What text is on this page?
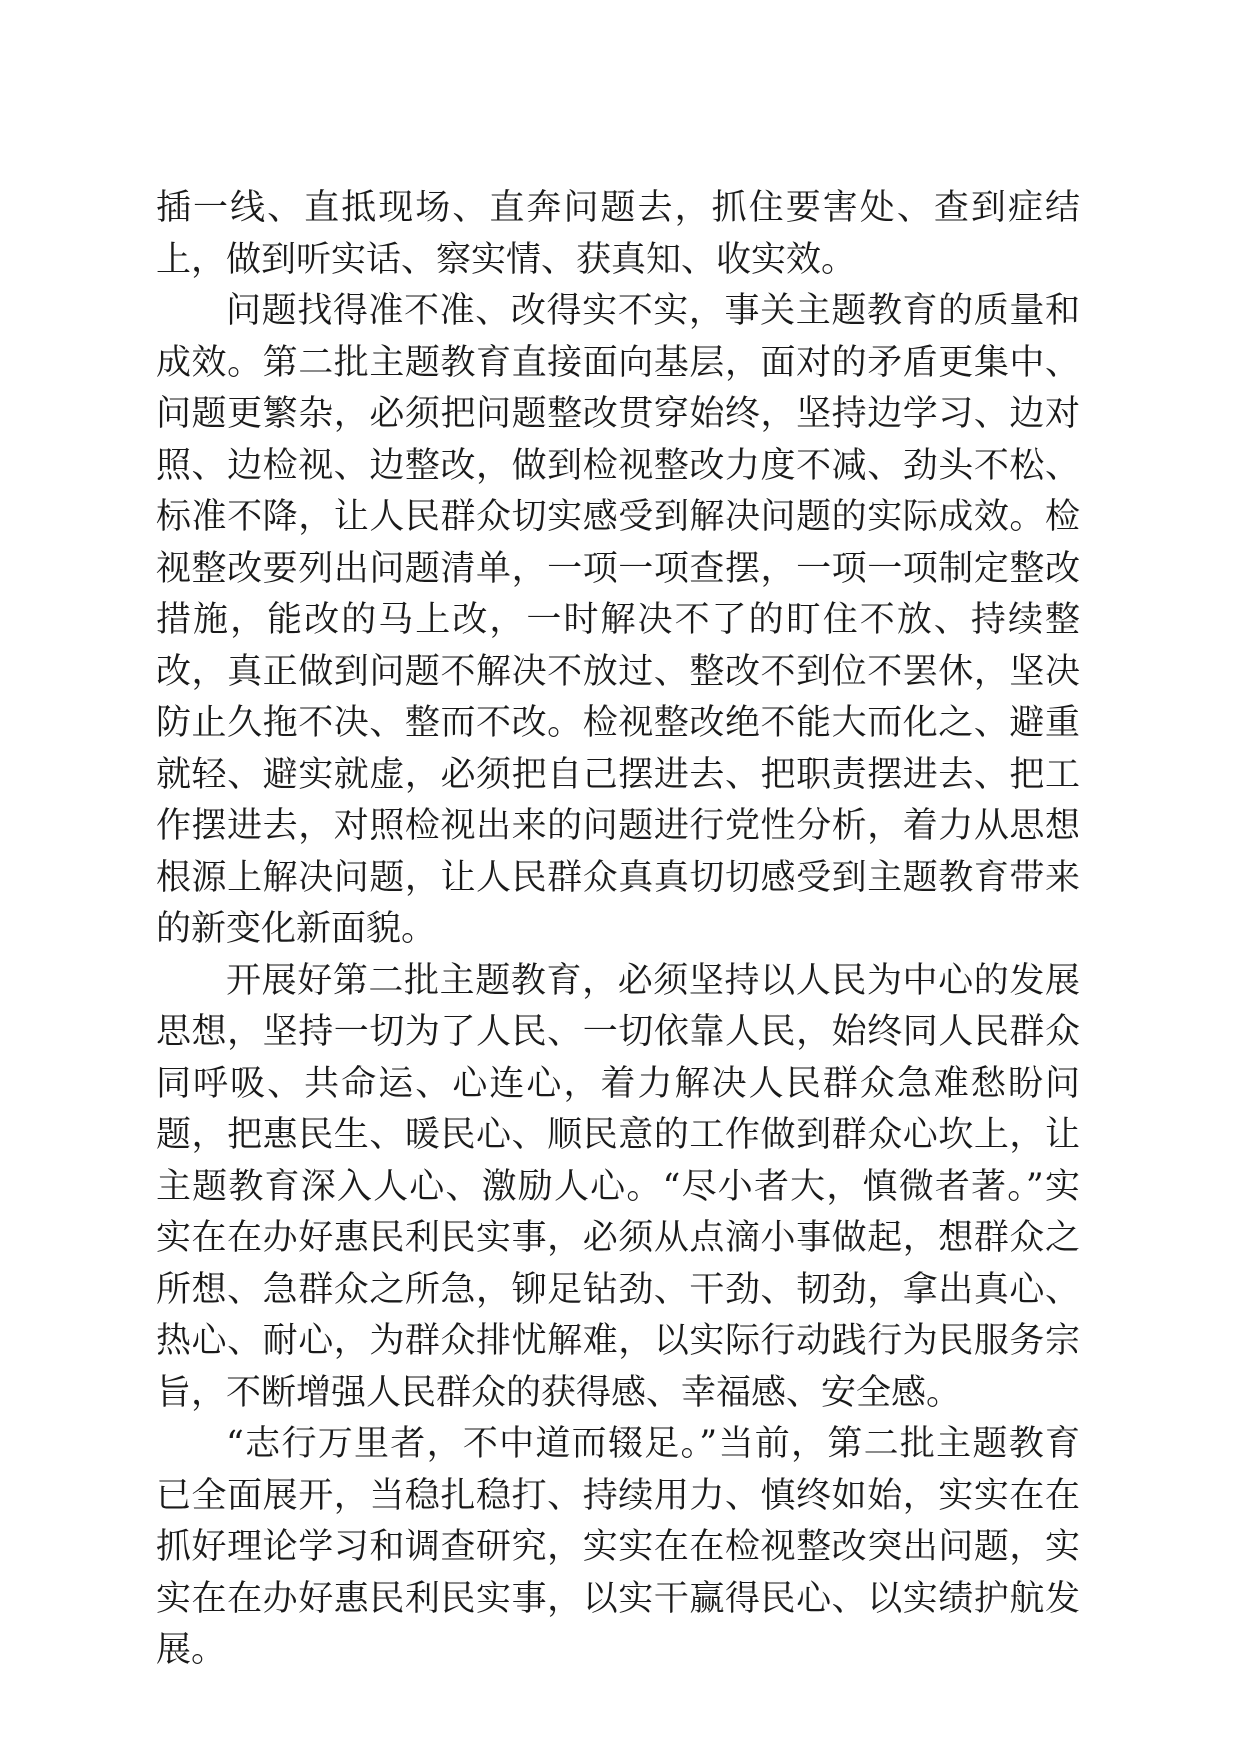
插一线、直抵现场、直奔问题去，抓住要害处、查到症结上，做到听实话、察实情、获真知、收实效。

问题找得准不准、改得实不实，事关主题教育的质量和成效。第二批主题教育直接面向基层，面对的矛盾更集中、问题更繁杂，必须把问题整改贯穿始终，坚持边学习、边对照、边检视、边整改，做到检视整改力度不减、劲头不松、标准不降，让人民群众切实感受到解决问题的实际成效。检视整改要列出问题清单，一项一项查摆，一项一项制定整改措施，能改的马上改，一时解决不了的盯住不放、持续整改，真正做到问题不解决不放过、整改不到位不罢休，坚决防止久拖不决、整而不改。检视整改绝不能大而化之、避重就轻、避实就虚，必须把自己摆进去、把职责摆进去、把工作摆进去，对照检视出来的问题进行党性分析，着力从思想根源上解决问题，让人民群众真真切切感受到主题教育带来的新变化新面貌。

开展好第二批主题教育，必须坚持以人民为中心的发展思想，坚持一切为了人民、一切依靠人民，始终同人民群众同呼吸、共命运、心连心，着力解决人民群众急难愁盼问题，把惠民生、暖民心、顺民意的工作做到群众心坎上，让主题教育深入人心、激励人心。“尽小者大，慎微者著。”实实在在办好惠民利民实事，必须从点滴小事做起，想群众之所想、急群众之所急，铆足钻劲、干劲、韧劲，拿出真心、热心、耐心，为群众排忧解难，以实际行动践行为民服务宗旨，不断增强人民群众的获得感、幸福感、安全感。

“志行万里者，不中道而辍足。”当前，第二批主题教育已全面展开，当稳扎稳打、持续用力、慎终如始，实实在在抓好理论学习和调查研究，实实在在检视整改突出问题，实实在在办好惠民利民实事，以实干赢得民心、以实绩护航发展。
